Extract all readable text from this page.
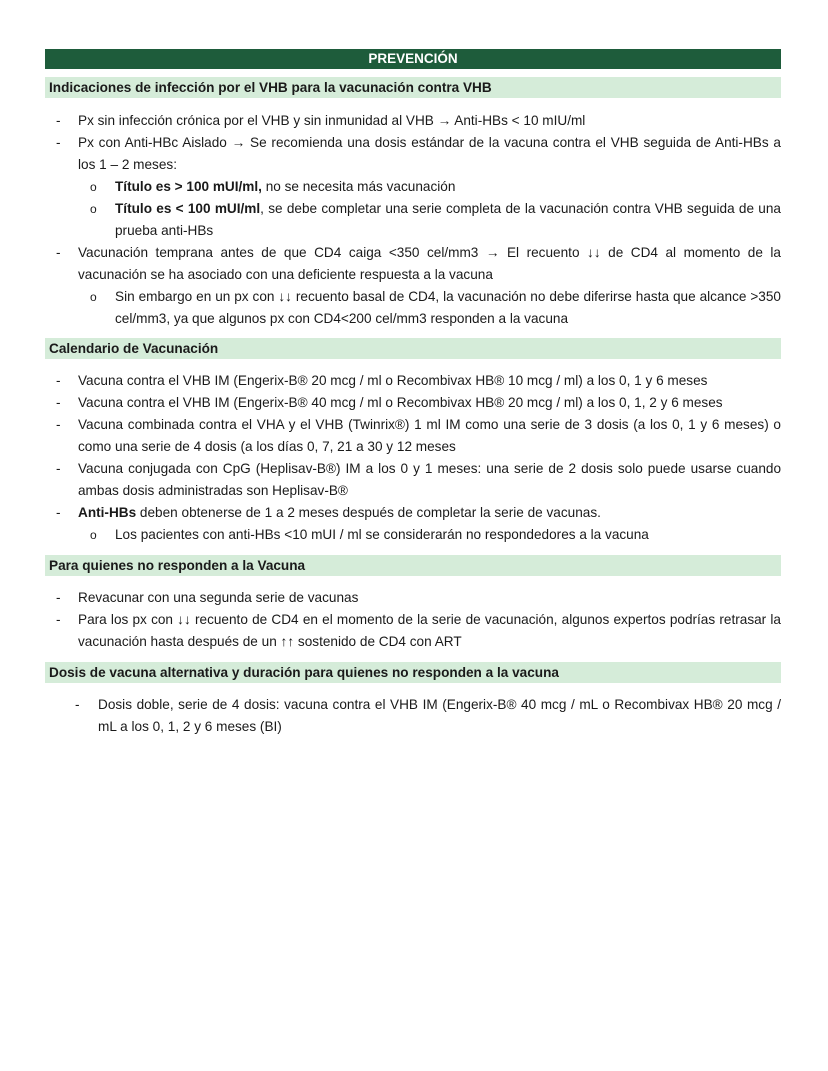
PREVENCIÓN
Indicaciones de infección por el VHB para la vacunación contra VHB
- Px sin infección crónica por el VHB y sin inmunidad al VHB → Anti-HBs < 10 mIU/ml
- Px con Anti-HBc Aislado → Se recomienda una dosis estándar de la vacuna contra el VHB seguida de Anti-HBs a los 1 – 2 meses:
o Título es > 100 mUI/ml, no se necesita más vacunación
o Título es < 100 mUI/ml, se debe completar una serie completa de la vacunación contra VHB seguida de una prueba anti-HBs
- Vacunación temprana antes de que CD4 caiga <350 cel/mm3 → El recuento ↓↓ de CD4 al momento de la vacunación se ha asociado con una deficiente respuesta a la vacuna
o Sin embargo en un px con ↓↓ recuento basal de CD4, la vacunación no debe diferirse hasta que alcance >350 cel/mm3, ya que algunos px con CD4<200 cel/mm3 responden a la vacuna
Calendario de Vacunación
- Vacuna contra el VHB IM (Engerix-B® 20 mcg / ml o Recombivax HB® 10 mcg / ml) a los 0, 1 y 6 meses
- Vacuna contra el VHB IM (Engerix-B® 40 mcg / ml o Recombivax HB® 20 mcg / ml) a los 0, 1, 2 y 6 meses
- Vacuna combinada contra el VHA y el VHB (Twinrix®) 1 ml IM como una serie de 3 dosis (a los 0, 1 y 6 meses) o como una serie de 4 dosis (a los días 0, 7, 21 a 30 y 12 meses
- Vacuna conjugada con CpG (Heplisav-B®) IM a los 0 y 1 meses: una serie de 2 dosis solo puede usarse cuando ambas dosis administradas son Heplisav-B®
- Anti-HBs deben obtenerse de 1 a 2 meses después de completar la serie de vacunas.
o Los pacientes con anti-HBs <10 mUI / ml se considerarán no respondedores a la vacuna
Para quienes no responden a la Vacuna
- Revacunar con una segunda serie de vacunas
- Para los px con ↓↓ recuento de CD4 en el momento de la serie de vacunación, algunos expertos podrías retrasar la vacunación hasta después de un ↑↑ sostenido de CD4 con ART
Dosis de vacuna alternativa y duración para quienes no responden a la vacuna
- Dosis doble, serie de 4 dosis: vacuna contra el VHB IM (Engerix-B® 40 mcg / mL o Recombivax HB® 20 mcg / mL a los 0, 1, 2 y 6 meses (BI)
